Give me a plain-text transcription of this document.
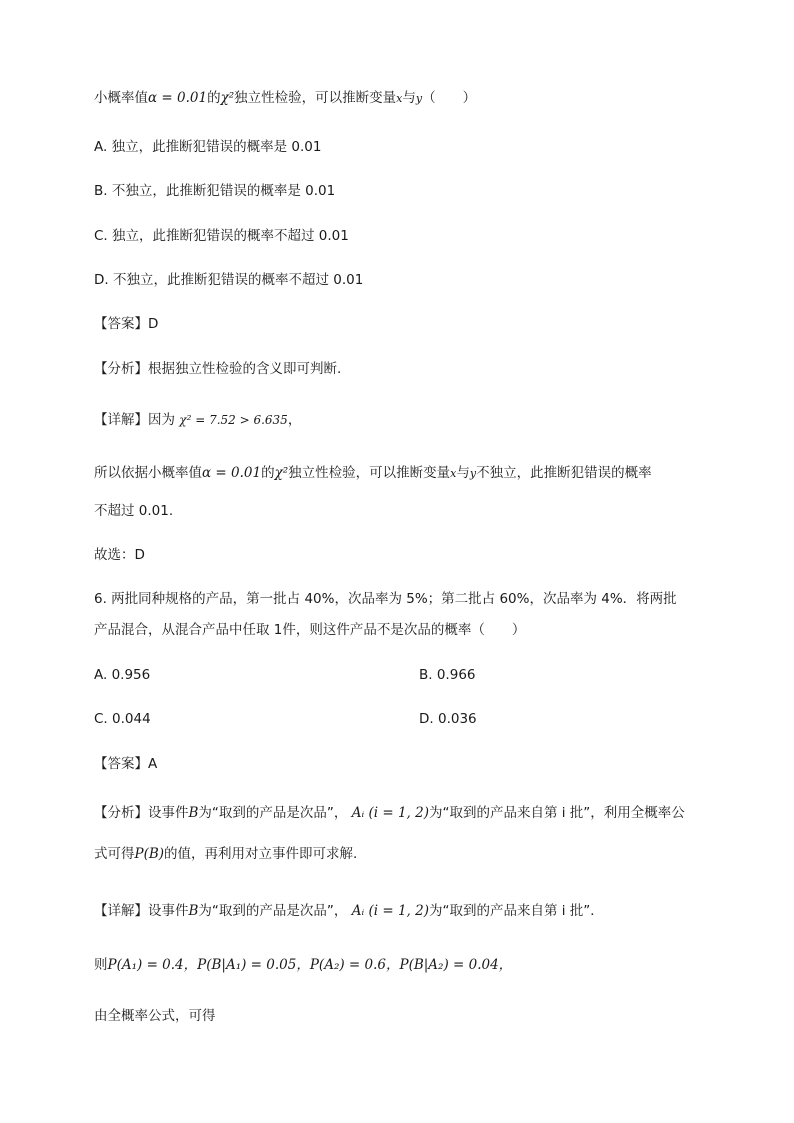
小概率值α = 0.01的χ²独立性检验，可以推断变量x与y（　　）
A. 独立，此推断犯错误的概率是 0.01
B. 不独立，此推断犯错误的概率是 0.01
C. 独立，此推断犯错误的概率不超过 0.01
D. 不独立，此推断犯错误的概率不超过 0.01
【答案】D
【分析】根据独立性检验的含义即可判断.
【详解】因为 χ² = 7.52 > 6.635，
所以依据小概率值α = 0.01的χ²独立性检验，可以推断变量x与y不独立，此推断犯错误的概率
不超过 0.01.
故选：D
6. 两批同种规格的产品，第一批占 40%，次品率为 5%；第二批占 60%，次品率为 4%．将两批
产品混合，从混合产品中任取 1件，则这件产品不是次品的概率（　　）
A. 0.956	B. 0.966
C. 0.044	D. 0.036
【答案】A
【分析】设事件B为“取到的产品是次品”， Aᵢ (i = 1, 2)为“取到的产品来自第 i 批”，利用全概率公
式可得P(B)的值，再利用对立事件即可求解.
【详解】设事件B为“取到的产品是次品”， Aᵢ (i = 1, 2)为“取到的产品来自第 i 批”．
则P(A₁) = 0.4，P(B|A₁) = 0.05，P(A₂) = 0.6，P(B|A₂) = 0.04，
由全概率公式，可得
